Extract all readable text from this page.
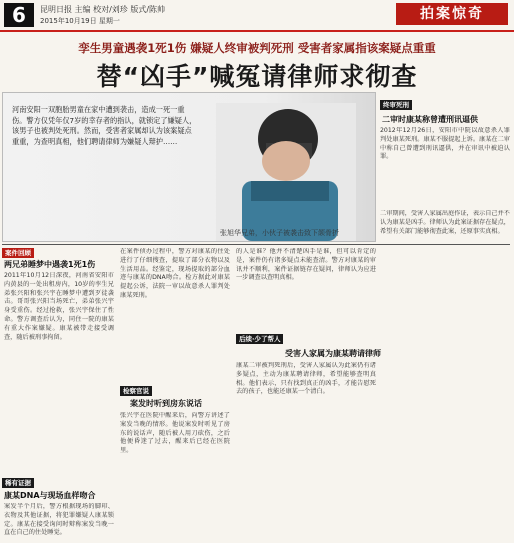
6	昆明日报 主编 校对/刘珍 版式/陈帅
2015年10月19日 星期一	拍案惊奇
孪生男童遇袭1死1伤 嫌疑人终审被判死刑 受害者家属指该案疑点重重
替“凶手”喊冤请律师求彻查
河南安阳一双胞胎男童在家中遭到袭击，造成一死一重伤。警方仅凭年仅7岁的幸存者的指认，就锁定了嫌疑人，该男子也被判处死刑。然而，受害者家属却认为该案疑点重重，为查明真相，他们聘请律师为嫌疑人辩护……
张旭华兄弟，小伙子被袭击致下颌骨折
终审死刑
二审时康某称曾遭刑讯逼供
2012年12月26日，安阳市中院以故意杀人罪判处康某死刑。康某不服提起上诉。康某在二审中称自己曾遭到刑讯逼供，并在审讯中被迫认罪。
二审期间，受害人家属出庭作证，表示自己并不认为康某是凶手。律师认为此案证据存在疑点，希望有关部门能够彻查此案，还原事实真相。
案件回顾
两兄弟睡梦中遇袭1死1伤
2011年10月12日深夜，河南省安阳市内黄县的一处出租房内，10岁的孪生兄弟张兴阳和张兴宇在睡梦中遭到歹徒袭击。哥哥张兴阳当场死亡，弟弟张兴宇身受重伤。经过抢救，张兴宇保住了性命。警方调查后认为，同住一院的康某有重大作案嫌疑。康某被带走接受调查，随后被刑事拘留。
稀有证据
康某DNA与现场血样吻合
案发半个月后，警方根据现场的脚印、衣物及其他证据，将犯罪嫌疑人康某锁定。康某在接受询问时辩称案发当晚一直在自己的住处睡觉。
在案件侦办过程中，警方对康某的住处进行了仔细搜查，提取了部分衣物以及生活用品。经鉴定，现场提取的部分血迹与康某的DNA吻合。检方据此对康某提起公诉，法院一审以故意杀人罪判处康某死刑。
检察官说
案发时听到房东说话
张兴宇在医院中醒来后，向警方讲述了案发当晚的情形。他说案发时听见了房东的说话声，随后被人用刀砍伤，之后他便昏迷了过去，醒来后已经在医院里。
的人是谁？他并不清楚凶手是谁，但可以肯定的是，案件仍有诸多疑点未能查清。警方对康某的审讯并不顺利，案件证据链存在疑问，律师认为应进一步调查以查明真相。
后续·少了帮人
受害人家属为康某聘请律师
康某二审被判死刑后，受害人家属认为此案仍有诸多疑点，主动为康某聘请律师，希望能够查明真相。他们表示，只有找到真正的凶手，才能告慰死去的孩子，也能还康某一个清白。
